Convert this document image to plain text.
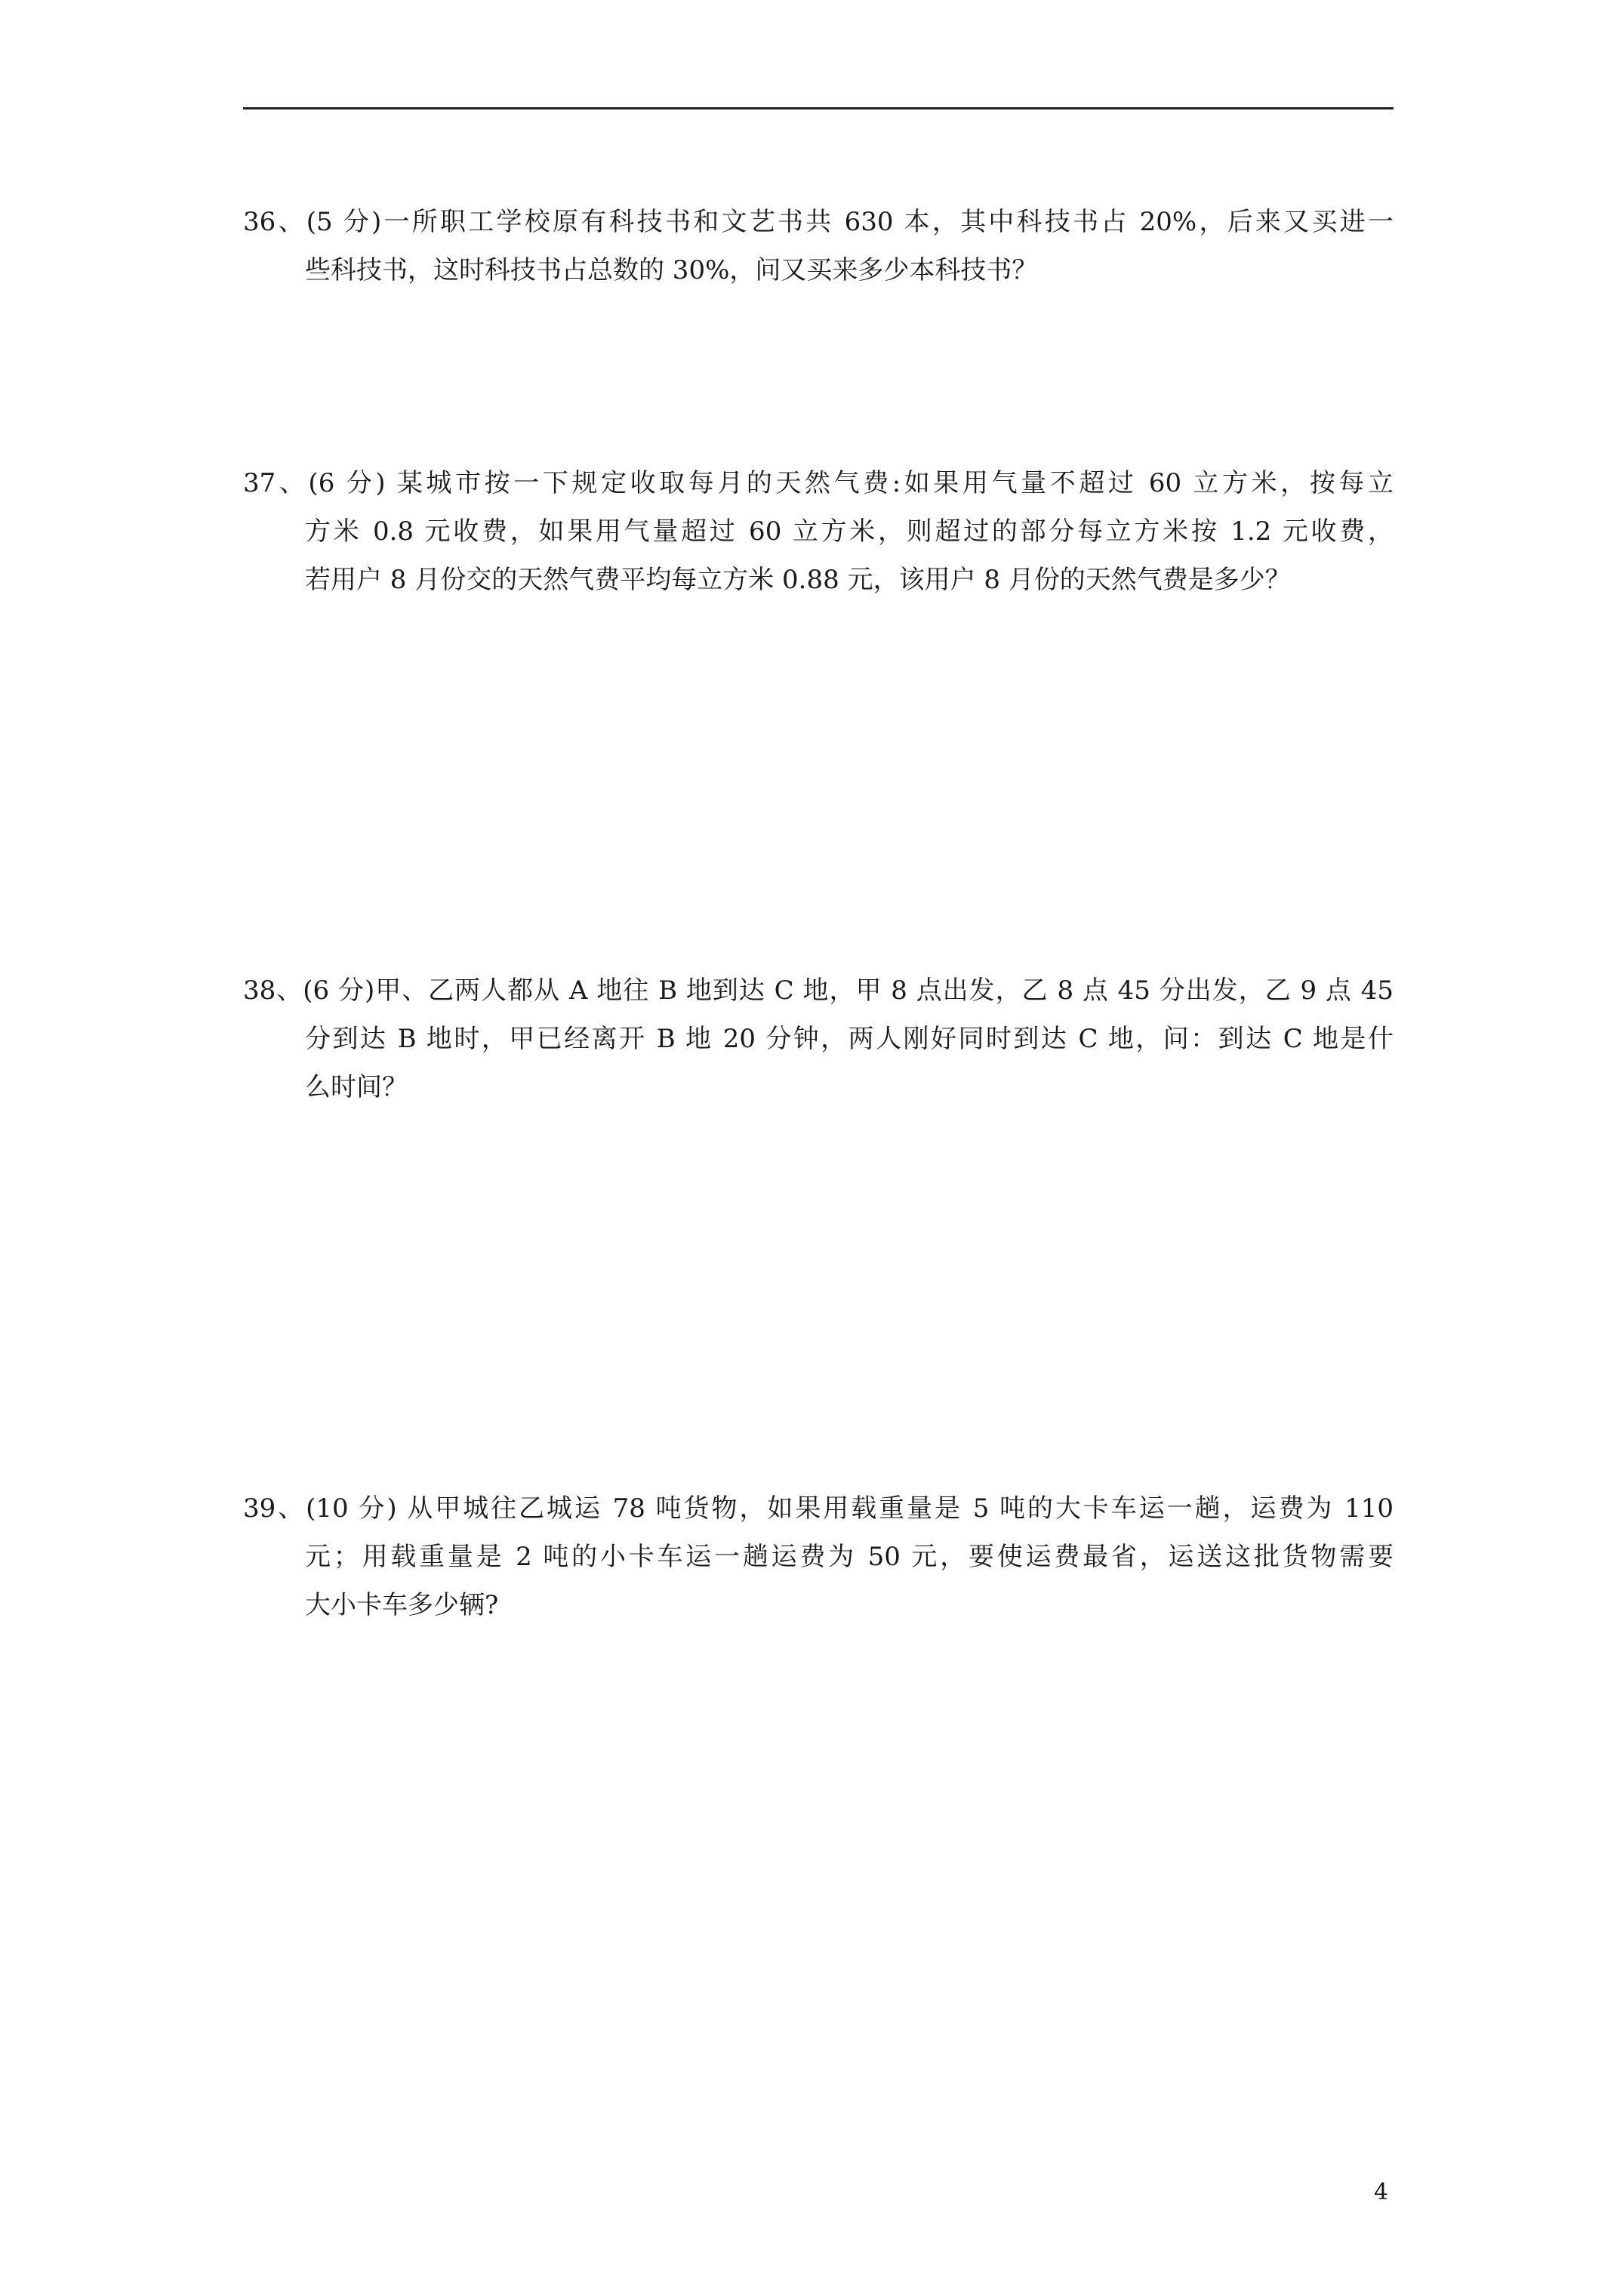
36、(5 分)一所职工学校原有科技书和文艺书共 630 本，其中科技书占 20%，后来又买进一
些科技书，这时科技书占总数的 30%，问又买来多少本科技书？
37、(6 分) 某城市按一下规定收取每月的天然气费:如果用气量不超过 60 立方米，按每立
方米 0.8 元收费，如果用气量超过 60 立方米，则超过的部分每立方米按 1.2 元收费，
若用户 8 月份交的天然气费平均每立方米 0.88 元，该用户 8 月份的天然气费是多少？
38、(6 分)甲、乙两人都从 A 地往 B 地到达 C 地，甲 8 点出发，乙 8 点 45 分出发，乙 9 点 45
分到达 B 地时，甲已经离开 B 地 20 分钟，两人刚好同时到达 C 地，问：到达 C 地是什
么时间？
39、(10 分) 从甲城往乙城运 78 吨货物，如果用载重量是 5 吨的大卡车运一趟，运费为 110
元；用载重量是 2 吨的小卡车运一趟运费为 50 元，要使运费最省，运送这批货物需要
大小卡车多少辆?
4
